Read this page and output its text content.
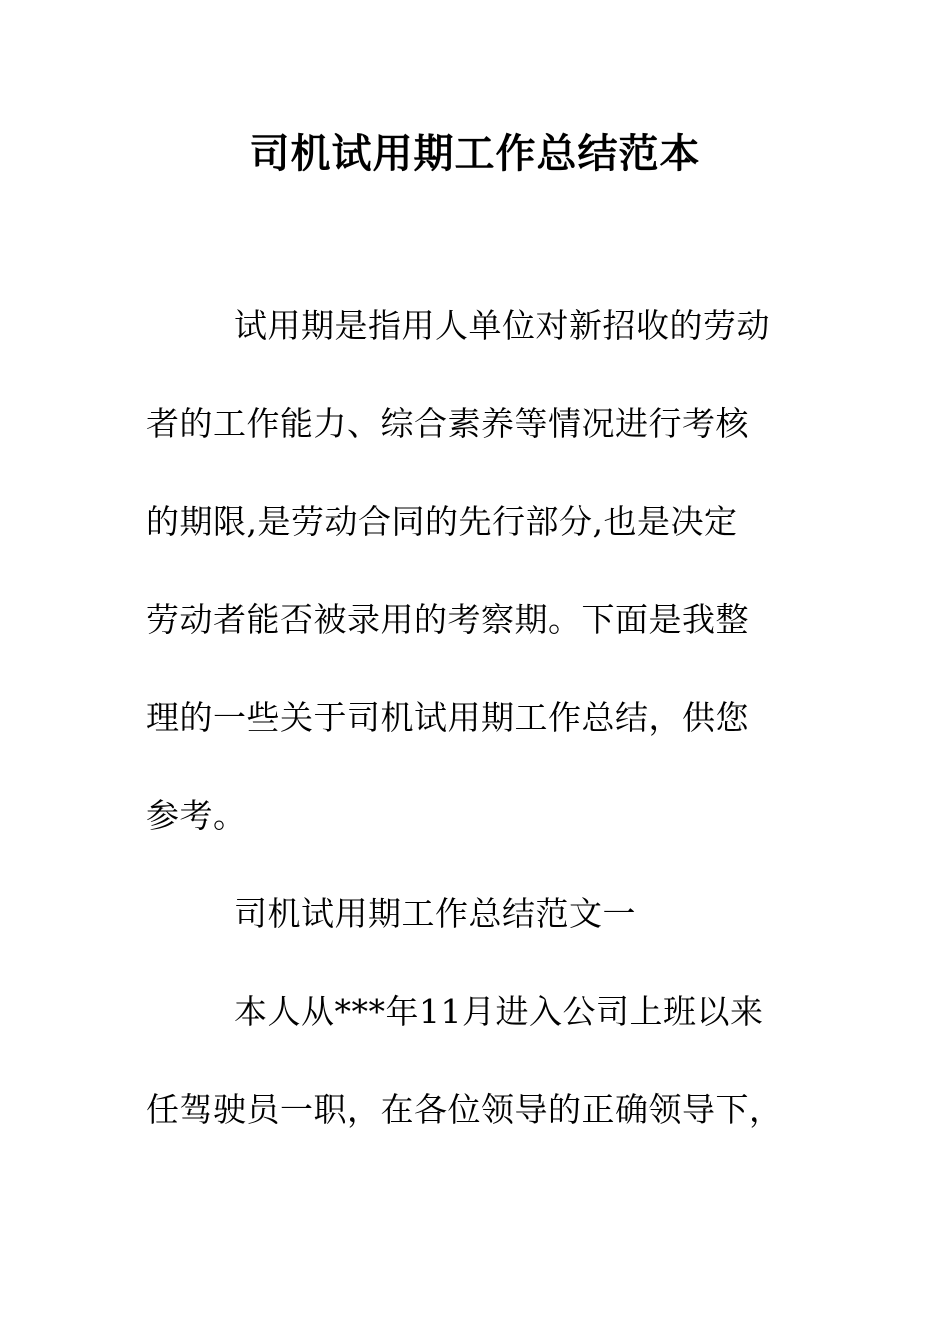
司机试用期工作总结范本
试用期是指用人单位对新招收的劳动
者的工作能力、综合素养等情况进行考核
的期限,是劳动合同的先行部分,也是决定
劳动者能否被录用的考察期。下面是我整
理的一些关于司机试用期工作总结，供您
参考。
司机试用期工作总结范文一
本人从***年11月进入公司上班以来
任驾驶员一职，在各位领导的正确领导下，
